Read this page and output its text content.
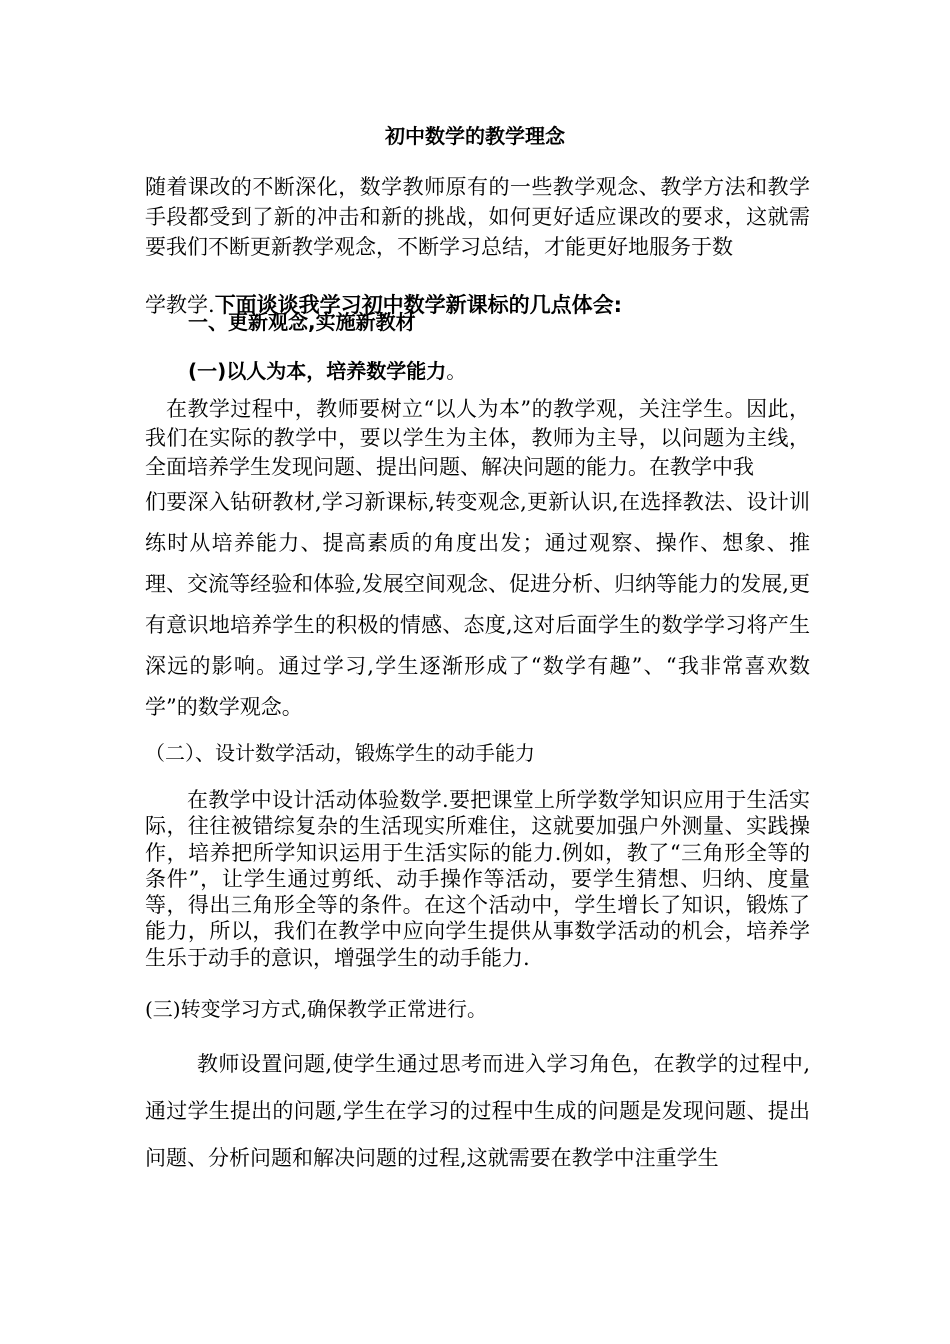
初中数学的教学理念
随着课改的不断深化，数学教师原有的一些教学观念、教学方法和教学手段都受到了新的冲击和新的挑战，如何更好适应课改的要求，这就需要我们不断更新教学观念，不断学习总结，才能更好地服务于数
学教学.下面谈谈我学习初中数学新课标的几点体会:
一、更新观念,实施新教材
(一)以人为本，培养数学能力。
在教学过程中，教师要树立“以人为本”的教学观，关注学生。因此，我们在实际的教学中，要以学生为主体，教师为主导，以问题为主线，全面培养学生发现问题、提出问题、解决问题的能力。在教学中我
们要深入钻研教材,学习新课标,转变观念,更新认识,在选择教法、设计训练时从培养能力、提高素质的角度出发；通过观察、操作、想象、推理、交流等经验和体验,发展空间观念、促进分析、归纳等能力的发展,更有意识地培养学生的积极的情感、态度,这对后面学生的数学学习将产生深远的影响。通过学习,学生逐渐形成了“数学有趣”、“我非常喜欢数学”的数学观念。
（二）、设计数学活动，锻炼学生的动手能力
在教学中设计活动体验数学.要把课堂上所学数学知识应用于生活实际，往往被错综复杂的生活现实所难住，这就要加强户外测量、实践操作，培养把所学知识运用于生活实际的能力.例如，教了“三角形全等的条件”，让学生通过剪纸、动手操作等活动，要学生猜想、归纳、度量等，得出三角形全等的条件。在这个活动中，学生增长了知识，锻炼了能力，所以，我们在教学中应向学生提供从事数学活动的机会，培养学生乐于动手的意识，增强学生的动手能力.
(三)转变学习方式,确保教学正常进行。
教师设置问题,使学生通过思考而进入学习角色，在教学的过程中,通过学生提出的问题,学生在学习的过程中生成的问题是发现问题、提出问题、分析问题和解决问题的过程,这就需要在教学中注重学生
